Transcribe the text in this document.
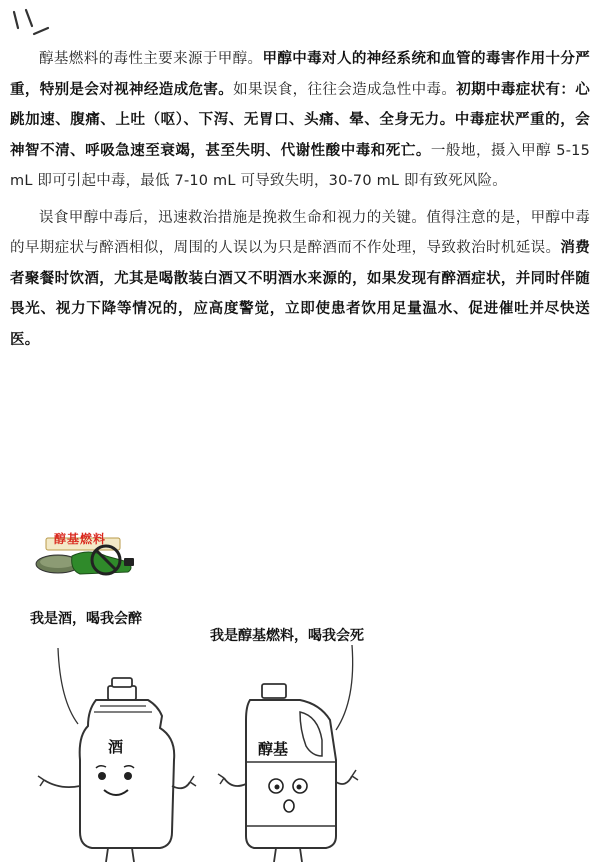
醇基燃料的毒性主要来源于甲醇。甲醇中毒对人的神经系统和血管的毒害作用十分严重，特别是会对视神经造成危害。如果误食，往往会造成急性中毒。初期中毒症状有：心跳加速、腹痛、上吐（呕）、下泻、无胃口、头痛、晕、全身无力。中毒症状严重的，会神智不清、呼吸急速至衰竭，甚至失明、代谢性酸中毒和死亡。一般地，摄入甲醇 5-15 mL 即可引起中毒，最低 7-10 mL 可导致失明，30-70 mL 即有致死风险。

误食甲醇中毒后，迅速救治措施是挽救生命和视力的关键。值得注意的是，甲醇中毒的早期症状与醉酒相似，周围的人误以为只是醉酒而不作处理，导致救治时机延误。消费者聚餐时饮酒，尤其是喝散装白酒又不明酒水来源的，如果发现有醉酒症状，并同时伴随畏光、视力下降等情况的，应高度警觉，立即使患者饮用足量温水、促进催吐并尽快送医。

醇基燃料
我是酒，喝我会醉
我是醇基燃料，喝我会死
酒	醇基
